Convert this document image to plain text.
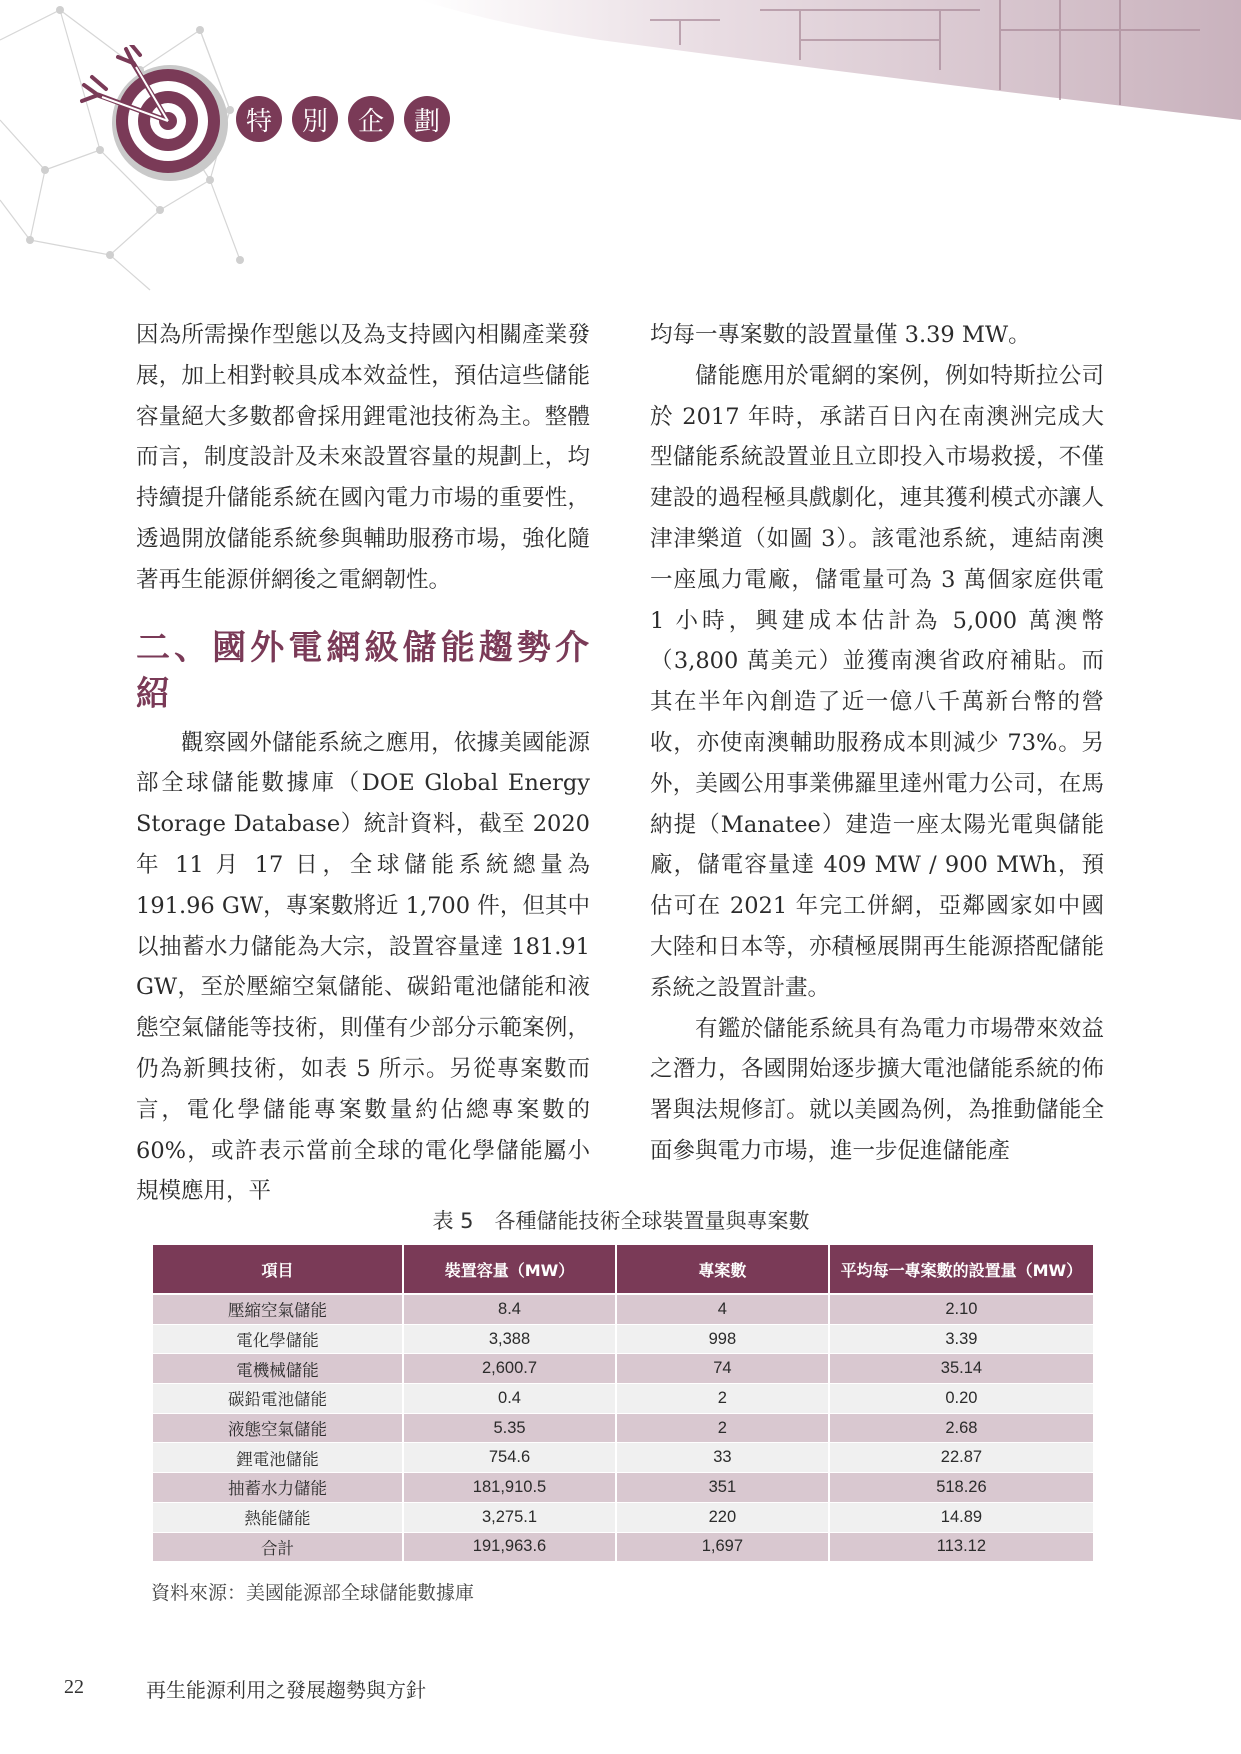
特	別	企	劃

因為所需操作型態以及為支持國內相關產業發展，加上相對較具成本效益性，預估這些儲能容量絕大多數都會採用鋰電池技術為主。整體而言，制度設計及未來設置容量的規劃上，均持續提升儲能系統在國內電力市場的重要性，透過開放儲能系統參與輔助服務市場，強化隨著再生能源併網後之電網韌性。

二、國外電網級儲能趨勢介紹

觀察國外儲能系統之應用，依據美國能源部全球儲能數據庫（DOE Global Energy Storage Database）統計資料，截至 2020 年 11 月 17 日，全球儲能系統總量為 191.96 GW，專案數將近 1,700 件，但其中以抽蓄水力儲能為大宗，設置容量達 181.91 GW，至於壓縮空氣儲能、碳鉛電池儲能和液態空氣儲能等技術，則僅有少部分示範案例，仍為新興技術，如表 5 所示。另從專案數而言，電化學儲能專案數量約佔總專案數的 60%，或許表示當前全球的電化學儲能屬小規模應用，平

均每一專案數的設置量僅 3.39 MW。

儲能應用於電網的案例，例如特斯拉公司於 2017 年時，承諾百日內在南澳洲完成大型儲能系統設置並且立即投入市場救援，不僅建設的過程極具戲劇化，連其獲利模式亦讓人津津樂道（如圖 3）。該電池系統，連結南澳一座風力電廠，儲電量可為 3 萬個家庭供電 1 小時，興建成本估計為 5,000 萬澳幣（3,800 萬美元）並獲南澳省政府補貼。而其在半年內創造了近一億八千萬新台幣的營收，亦使南澳輔助服務成本則減少 73%。另外，美國公用事業佛羅里達州電力公司，在馬納提（Manatee）建造一座太陽光電與儲能廠，儲電容量達 409 MW / 900 MWh，預估可在 2021 年完工併網，亞鄰國家如中國大陸和日本等，亦積極展開再生能源搭配儲能系統之設置計畫。

有鑑於儲能系統具有為電力市場帶來效益之潛力，各國開始逐步擴大電池儲能系統的佈署與法規修訂。就以美國為例，為推動儲能全面參與電力市場，進一步促進儲能產

表 5　各種儲能技術全球裝置量與專案數
項目	裝置容量（MW）	專案數	平均每一專案數的設置量（MW）
壓縮空氣儲能	8.4	4	2.10
電化學儲能	3,388	998	3.39
電機械儲能	2,600.7	74	35.14
碳鉛電池儲能	0.4	2	0.20
液態空氣儲能	5.35	2	2.68
鋰電池儲能	754.6	33	22.87
抽蓄水力儲能	181,910.5	351	518.26
熱能儲能	3,275.1	220	14.89
合計	191,963.6	1,697	113.12
資料來源：美國能源部全球儲能數據庫
22	再生能源利用之發展趨勢與方針
